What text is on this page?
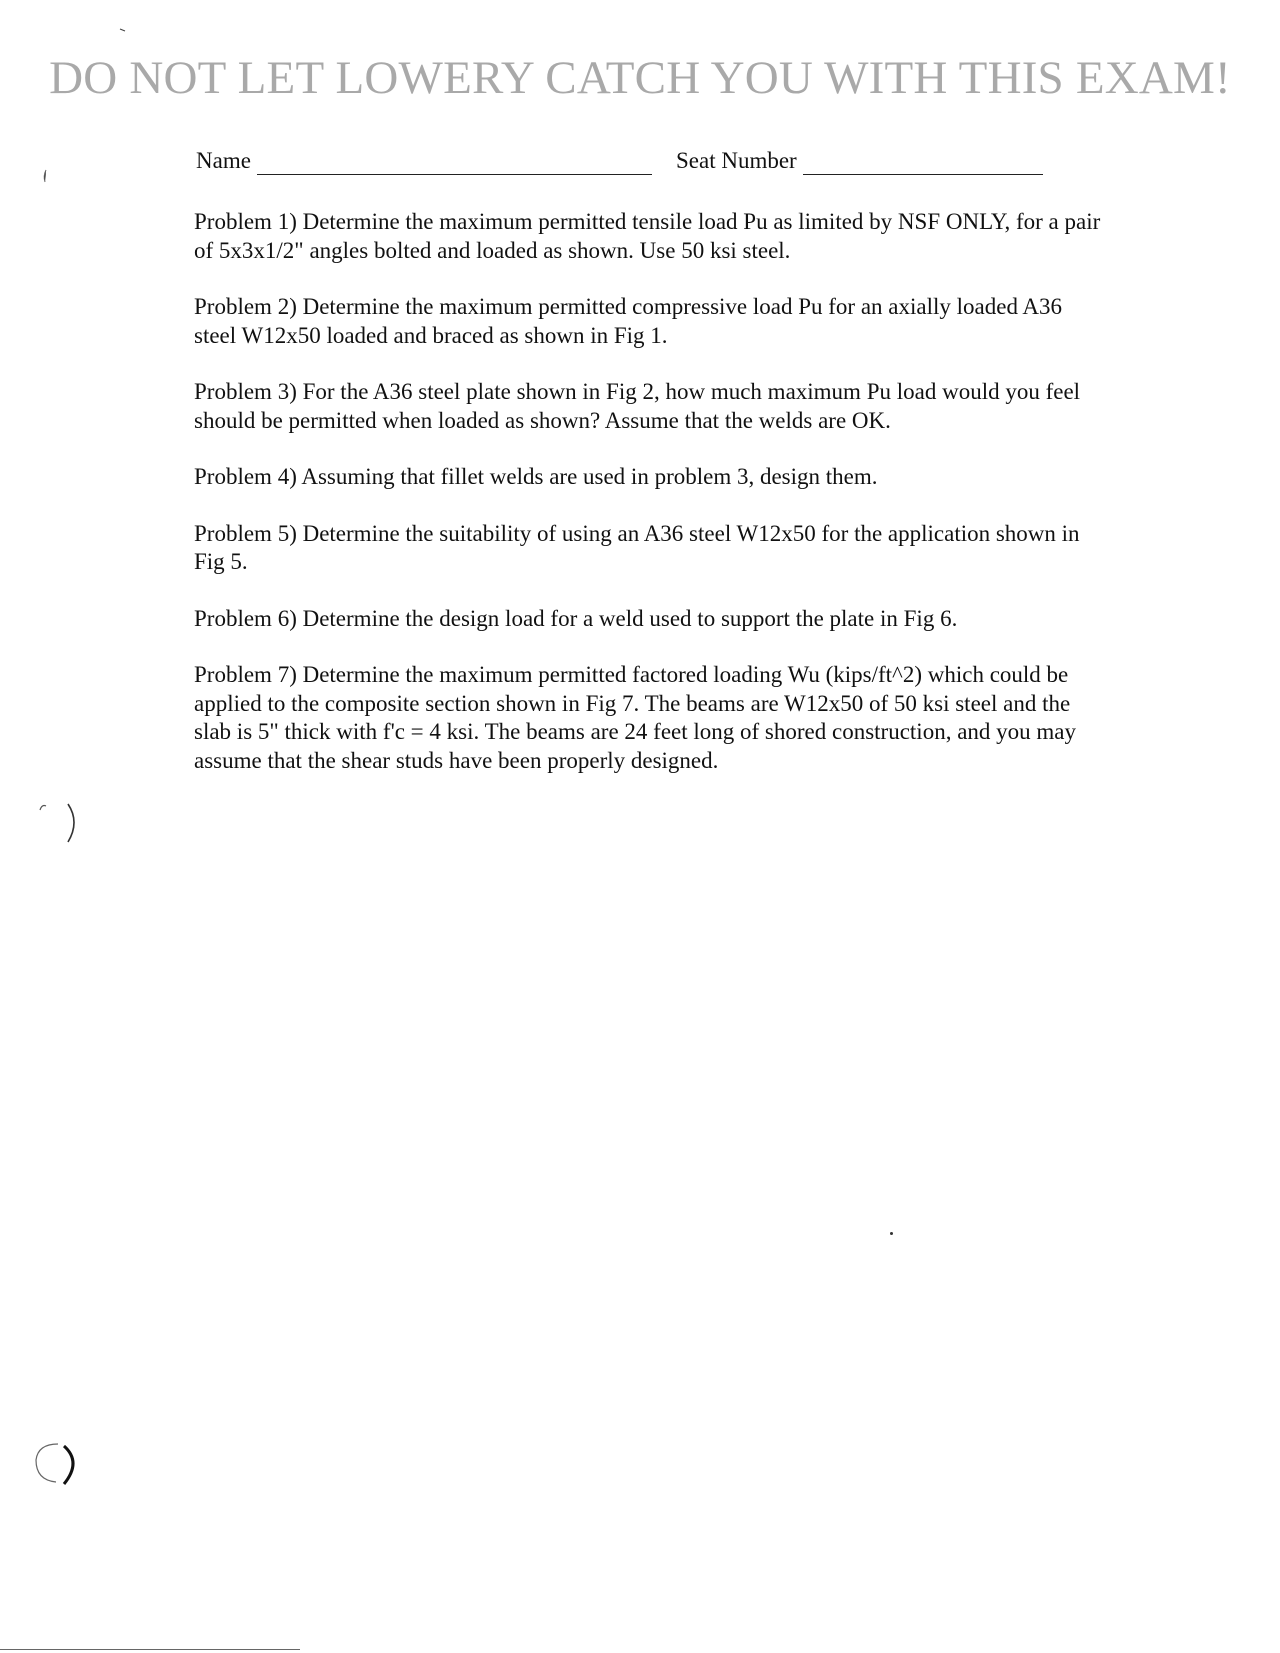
DO NOT LET LOWERY CATCH YOU WITH THIS EXAM!
Name	Seat Number

Problem 1) Determine the maximum permitted tensile load Pu as limited by NSF ONLY, for a pair of 5x3x1/2" angles bolted and loaded as shown. Use 50 ksi steel.

Problem 2) Determine the maximum permitted compressive load Pu for an axially loaded A36 steel W12x50 loaded and braced as shown in Fig 1.

Problem 3) For the A36 steel plate shown in Fig 2, how much maximum Pu load would you feel should be permitted when loaded as shown? Assume that the welds are OK.

Problem 4) Assuming that fillet welds are used in problem 3, design them.

Problem 5) Determine the suitability of using an A36 steel W12x50 for the application shown in Fig 5.

Problem 6) Determine the design load for a weld used to support the plate in Fig 6.

Problem 7) Determine the maximum permitted factored loading Wu (kips/ft^2) which could be applied to the composite section shown in Fig 7. The beams are W12x50 of 50 ksi steel and the slab is 5" thick with f'c = 4 ksi. The beams are 24 feet long of shored construction, and you may assume that the shear studs have been properly designed.
